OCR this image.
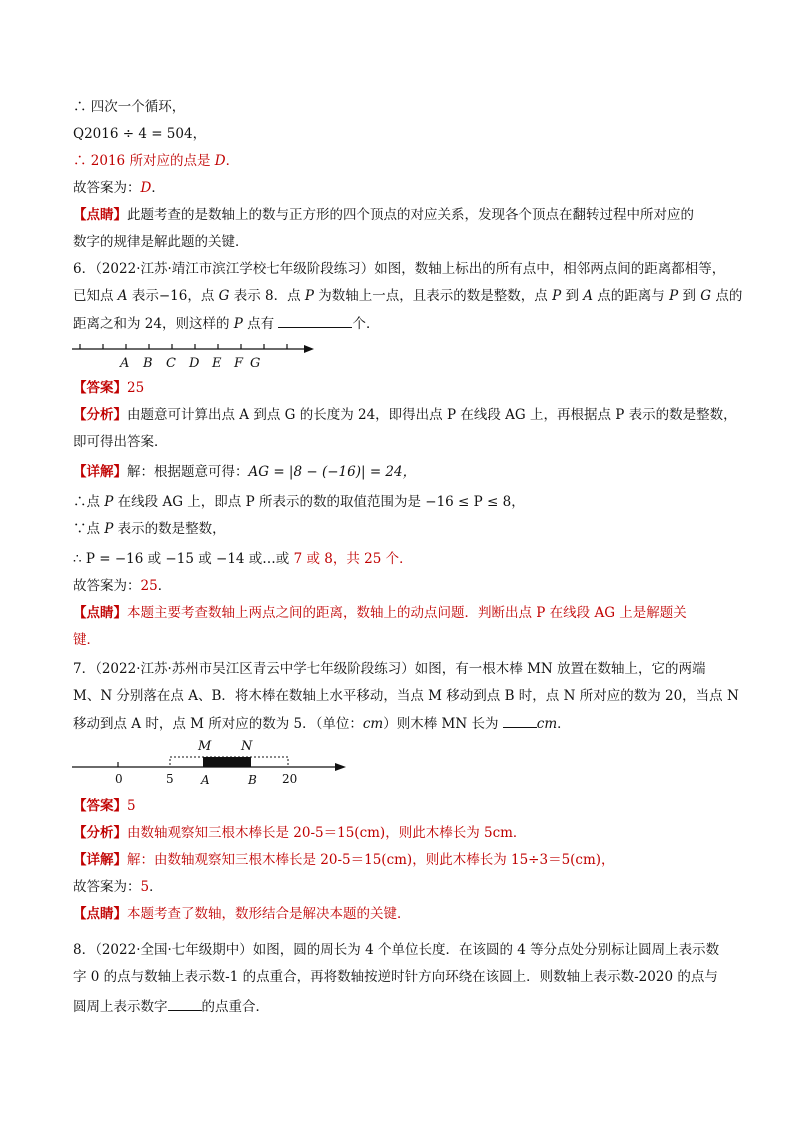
∴ 四次一个循环，
Q2016 ÷ 4 = 504，
∴ 2016 所对应的点是 D．
故答案为：D．
【点睛】此题考查的是数轴上的数与正方形的四个顶点的对应关系，发现各个顶点在翻转过程中所对应的
数字的规律是解此题的关键．
6．（2022·江苏·靖江市滨江学校七年级阶段练习）如图，数轴上标出的所有点中，相邻两点间的距离都相等，
已知点 A 表示−16，点 G 表示 8．点 P 为数轴上一点，且表示的数是整数，点 P 到 A 点的距离与 P 到 G 点的
距离之和为 24，则这样的 P 点有	个．
A B C D E F G
【答案】25
【分析】由题意可计算出点 A 到点 G 的长度为 24，即得出点 P 在线段 AG 上，再根据点 P 表示的数是整数，
即可得出答案．
【详解】解：根据题意可得：AG = |8 − (−16)| = 24，
∴点 P 在线段 AG 上，即点 P 所表示的数的取值范围为是 −16 ≤ P ≤ 8，
∵点 P 表示的数是整数，
∴ P = −16 或 −15 或 −14 或…或 7 或 8，共 25 个．
故答案为：25．
【点睛】本题主要考查数轴上两点之间的距离，数轴上的动点问题．判断出点 P 在线段 AG 上是解题关
键．
7．（2022·江苏·苏州市吴江区青云中学七年级阶段练习）如图，有一根木棒 MN 放置在数轴上，它的两端
M、N 分别落在点 A、B．将木棒在数轴上水平移动，当点 M 移动到点 B 时，点 N 所对应的数为 20，当点 N
移动到点 A 时，点 M 所对应的数为 5．（单位：cm）则木棒 MN 长为	cm．
M N
0	5 A	B 20
【答案】5
【分析】由数轴观察知三根木棒长是 20-5＝15(cm)，则此木棒长为 5cm．
【详解】解：由数轴观察知三根木棒长是 20-5＝15(cm)，则此木棒长为 15÷3＝5(cm)，
故答案为：5．
【点睛】本题考查了数轴，数形结合是解决本题的关键．
8．（2022·全国·七年级期中）如图，圆的周长为 4 个单位长度．在该圆的 4 等分点处分别标让圆周上表示数
字 0 的点与数轴上表示数-1 的点重合，再将数轴按逆时针方向环绕在该圆上．则数轴上表示数-2020 的点与
圆周上表示数字	的点重合．
